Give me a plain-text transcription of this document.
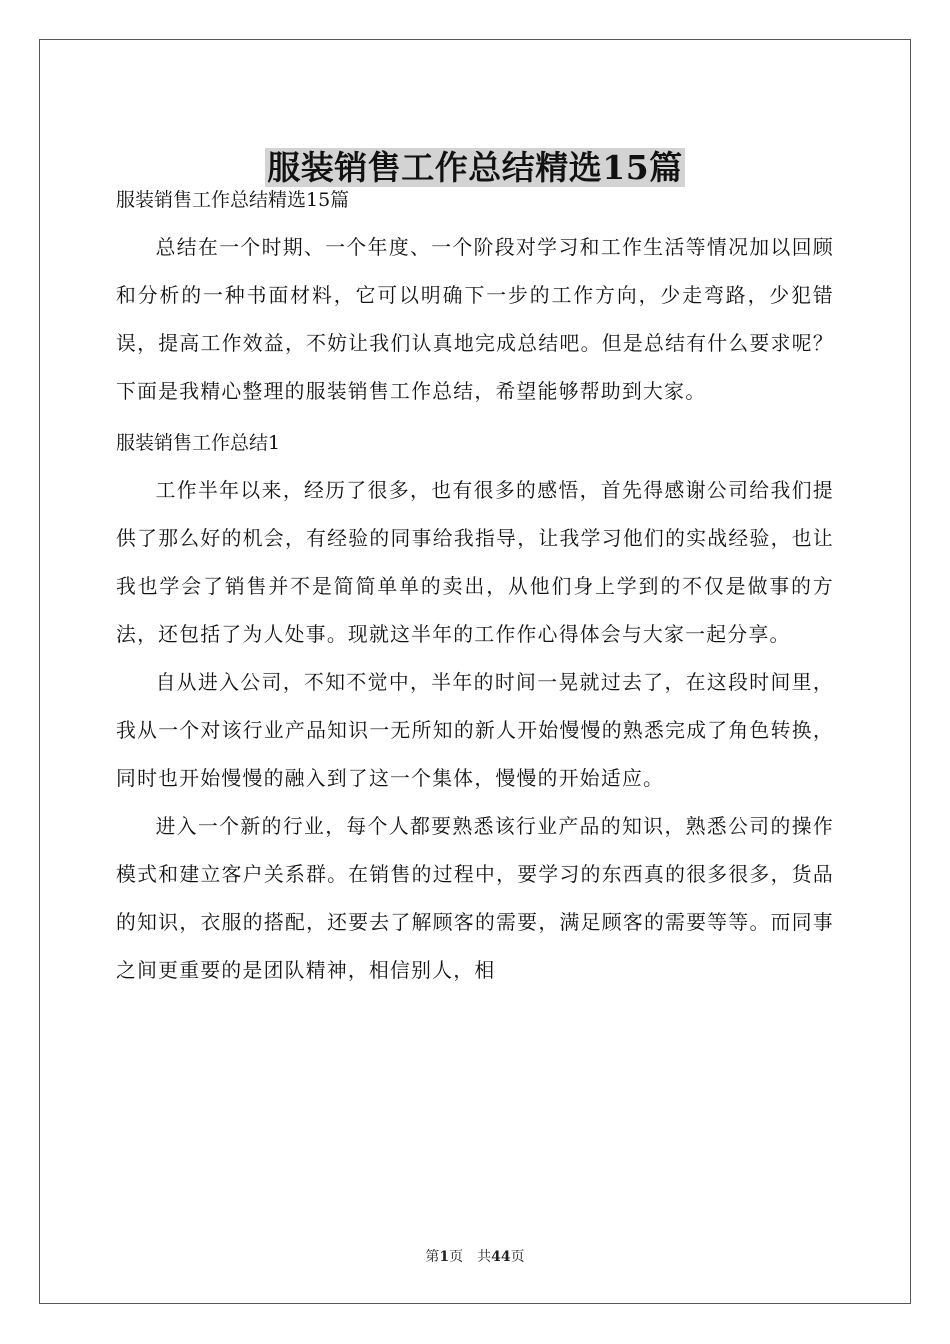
服装销售工作总结精选15篇

服装销售工作总结精选15篇

总结在一个时期、一个年度、一个阶段对学习和工作生活等情况加以回顾和分析的一种书面材料，它可以明确下一步的工作方向，少走弯路，少犯错误，提高工作效益，不妨让我们认真地完成总结吧。但是总结有什么要求呢？下面是我精心整理的服装销售工作总结，希望能够帮助到大家。

服装销售工作总结1

工作半年以来，经历了很多，也有很多的感悟，首先得感谢公司给我们提供了那么好的机会，有经验的同事给我指导，让我学习他们的实战经验，也让我也学会了销售并不是简简单单的卖出，从他们身上学到的不仅是做事的方法，还包括了为人处事。现就这半年的工作作心得体会与大家一起分享。

自从进入公司，不知不觉中，半年的时间一晃就过去了，在这段时间里，我从一个对该行业产品知识一无所知的新人开始慢慢的熟悉完成了角色转换，同时也开始慢慢的融入到了这一个集体，慢慢的开始适应。

进入一个新的行业，每个人都要熟悉该行业产品的知识，熟悉公司的操作模式和建立客户关系群。在销售的过程中，要学习的东西真的很多很多，货品的知识，衣服的搭配，还要去了解顾客的需要，满足顾客的需要等等。而同事之间更重要的是团队精神，相信别人，相

第1页　共44页
